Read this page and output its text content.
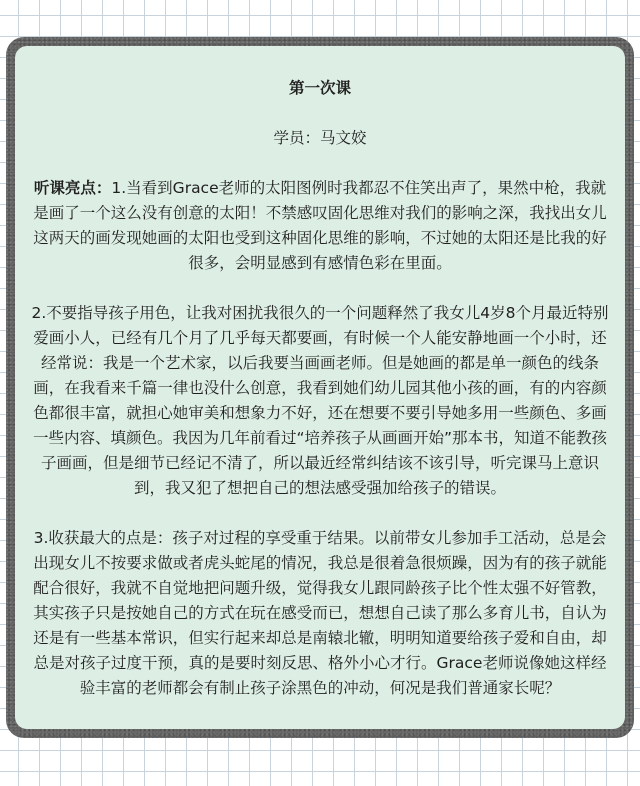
第一次课

学员：马文姣

听课亮点：1.当看到Grace老师的太阳图例时我都忍不住笑出声了，果然中枪，我就是画了一个这么没有创意的太阳！不禁感叹固化思维对我们的影响之深，我找出女儿这两天的画发现她画的太阳也受到这种固化思维的影响，不过她的太阳还是比我的好很多，会明显感到有感情色彩在里面。

2.不要指导孩子用色，让我对困扰我很久的一个问题释然了我女儿4岁8个月最近特别爱画小人，已经有几个月了几乎每天都要画，有时候一个人能安静地画一个小时，还经常说：我是一个艺术家，以后我要当画画老师。但是她画的都是单一颜色的线条画，在我看来千篇一律也没什么创意，我看到她们幼儿园其他小孩的画，有的内容颜色都很丰富，就担心她审美和想象力不好，还在想要不要引导她多用一些颜色、多画一些内容、填颜色。我因为几年前看过“培养孩子从画画开始”那本书，知道不能教孩子画画，但是细节已经记不清了，所以最近经常纠结该不该引导，听完课马上意识到，我又犯了想把自己的想法感受强加给孩子的错误。

3.收获最大的点是：孩子对过程的享受重于结果。以前带女儿参加手工活动，总是会出现女儿不按要求做或者虎头蛇尾的情况，我总是很着急很烦躁，因为有的孩子就能配合很好，我就不自觉地把问题升级，觉得我女儿跟同龄孩子比个性太强不好管教，其实孩子只是按她自己的方式在玩在感受而已，想想自己读了那么多育儿书，自认为还是有一些基本常识，但实行起来却总是南辕北辙，明明知道要给孩子爱和自由，却总是对孩子过度干预，真的是要时刻反思、格外小心才行。Grace老师说像她这样经验丰富的老师都会有制止孩子涂黑色的冲动，何况是我们普通家长呢？
